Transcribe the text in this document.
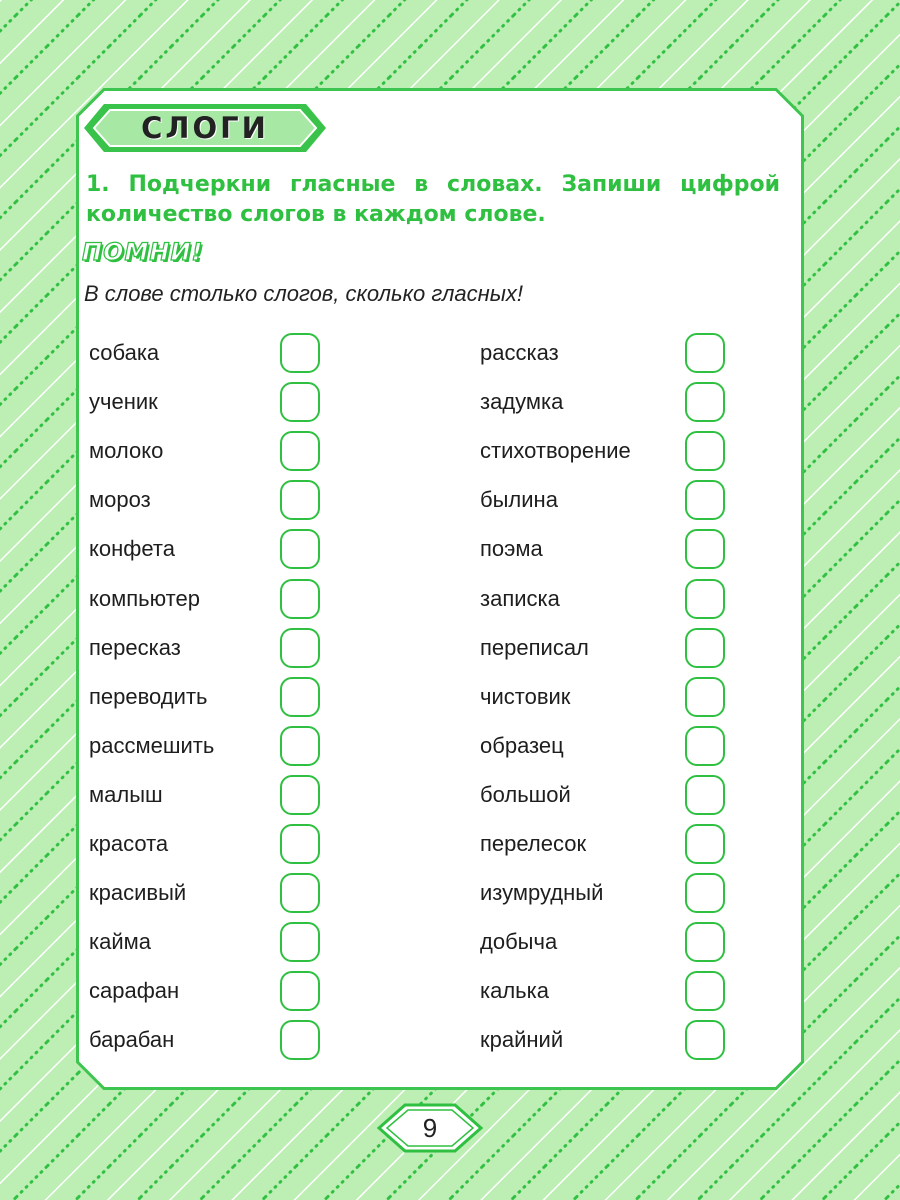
СЛОГИ
1. Подчеркни гласные в словах. Запиши цифрой

количество слогов в каждом слове.
ПОМНИ!
В слове столько слогов, сколько гласных!
собака
ученик
молоко
мороз
конфета
компьютер
пересказ
переводить
рассмешить
малыш
красота
красивый
кайма
сарафан
барабан
рассказ
задумка
стихотворение
былина
поэма
записка
переписал
чистовик
образец
большой
перелесок
изумрудный
добыча
калька
крайний
9
